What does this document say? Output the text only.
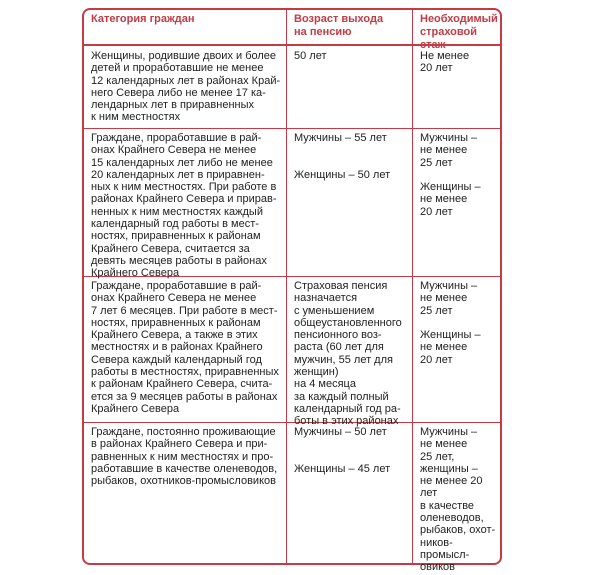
Категория граждан	Возраст выхода
на пенсию
Необходимый
страховой стаж
Женщины, родившие двоих и более
детей и проработавшие не менее
12 календарных лет в районах Край-
него Севера либо не менее 17 ка-
лендарных лет в приравненных
к ним местностях
50 лет	Не менее
20 лет
Граждане, проработавшие в рай-
онах Крайнего Севера не менее
15 календарных лет либо не менее
20 календарных лет в приравнен-
ных к ним местностях. При работе в
районах Крайнего Севера и прирав-
ненных к ним местностях каждый
календарный год работы в мест-
ностях, приравненных к районам
Крайнего Севера, считается за
девять месяцев работы в районах
Крайнего Севера
Мужчины – 55 лет

Женщины – 50 лет
Мужчины –
не менее
25 лет

Женщины –
не менее
20 лет
Граждане, проработавшие в рай-
онах Крайнего Севера не менее
7 лет 6 месяцев. При работе в мест-
ностях, приравненных к районам
Крайнего Севера, а также в этих
местностях и в районах Крайнего
Севера каждый календарный год
работы в местностях, приравненных
к районам Крайнего Севера, счита-
ется за 9 месяцев работы в районах
Крайнего Севера
Страховая пенсия
назначается
с уменьшением
общеустановленного
пенсионного воз-
раста (60 лет для
мужчин, 55 лет для
женщин)
на 4 месяца
за каждый полный
календарный год ра-
боты в этих районах
Мужчины –
не менее
25 лет

Женщины –
не менее
20 лет
Граждане, постоянно проживающие
в районах Крайнего Севера и при-
равненных к ним местностях и про-
работавшие в качестве оленеводов,
рыбаков, охотников-промысловиков
Мужчины – 50 лет

Женщины – 45 лет
Мужчины –
не менее
25 лет,
женщины –
не менее 20 лет
в качестве
оленеводов,
рыбаков, охот-
ников-промысл-
овиков
